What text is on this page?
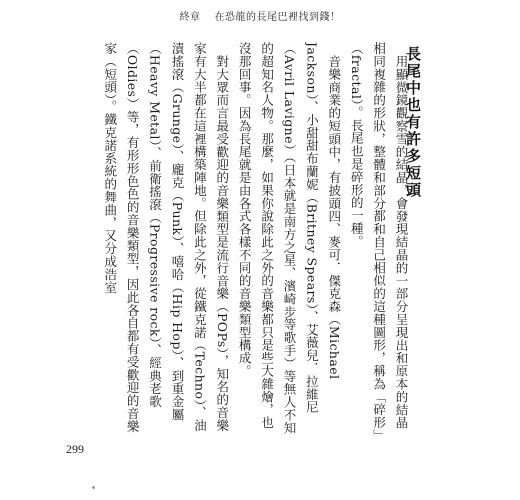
終章 在恐龍的長尾巴裡找到錢！
長尾中也有許多短頭

用顯微鏡觀察雪的結晶，會發現結晶的一部分呈現出和原本的結晶相同複雜的形狀，整體和部分都和自己相似的這種圖形，稱為「碎形」（fractal）。長尾也是碎形的一種。

音樂商業的短頭中，有披頭四、麥可．傑克森（Michael Jackson）、小甜甜布蘭妮（Britney Spears）、艾薇兒．拉維尼（Avril Lavigne）（日本就是南方之星、濱崎步等歌手）等無人不知的超知名人物。那麼，如果你說除此之外的音樂都只是些大雜燴，也沒那回事。因為長尾就是由各式各樣不同的音樂類型構成。

對大眾而言最受歡迎的音樂類型是流行音樂（POPs），知名的音樂家有大半都在這裡構築陣地。但除此之外，從鐵克諾（Techno）、油漬搖滾（Grunge）、龐克（Punk）、嘻哈（Hip Hop）、到重金屬（Heavy Metal）、前衛搖滾（Progressive rock）、經典老歌（Oldies）等，有形形色色的音樂類型，因此各自都有受歡迎的音樂家（短頭）。鐵克諾系統的舞曲，又分成浩室

299
